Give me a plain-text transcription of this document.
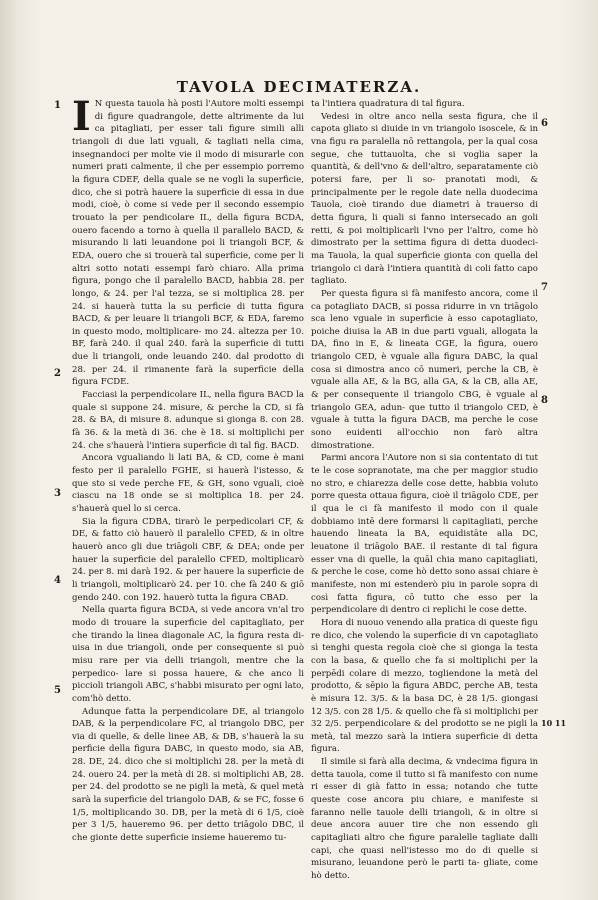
TAVOLA DECIMATERZA.
1
2
3
4
5
6
7
8
10 11

I N questa tauola hà posti l'Autore molti essempi di figure quadrangole, dette altrimente da lui ca pitagliati, per esser tali figure simili alli triangoli di due lati vguali, & tagliati nella cima, insegnandoci per molte vie il modo di misurarle con numeri prati calmente, il che per essempio porremo la figura CDEF, della quale se ne vogli la superficie, dico, che si potrà hauere la superficie di essa in due modi, cioè, ò come si vede per il secondo essempio trouato la per pendicolare IL, della figura BCDA, ouero facendo a torno à quella il parallelo BACD, & misurando li lati leuandone poi li triangoli BCF, & EDA, ouero che si trouerà tal superficie, come per li altri sotto notati essempi farò chiaro. Alla prima figura, pongo che il paralello BACD, habbia 28. per longo, & 24. per l'al tezza, se si moltiplica 28. per 24. si hauerà tutta la su perficie di tutta figura BACD, & per leuare li triangoli BCF, & EDA, faremo in questo modo, moltiplicare- mo 24. altezza per 10. BF, farà 240. il qual 240. farà la superficie di tutti due li triangoli, onde leuando 240. dal prodotto di 28. per 24. il rimanente farà la superficie della figura FCDE.

Facciasi la perpendicolare IL, nella figura BACD la quale si suppone 24. misure, & perche la CD, si fà 28. & BA, di misure 8. adunque si gionga 8. con 28. fà 36. & la metà di 36. che è 18. si moltiplichi per 24. che s'hauerà l'intiera superficie di tal fig. BACD.

Ancora vgualiando li lati BA, & CD, come è mani festo per il paralello FGHE, si hauerà l'istesso, & que sto si vede perche FE, & GH, sono vguali, cioè ciascu na 18 onde se si moltiplica 18. per 24. s'hauerà quel lo si cerca.

Sia la figura CDBA, tirarò le perpedicolari CF, & DE, & fatto ciò hauerò il paralello CFED, & in oltre hauerò anco gli due triāgoli CBF, & DEA; onde per hauer la superficie del paralello CFED, moltiplicarò 24. per 8. mi darà 192. & per hauere la superficie de li triangoli, moltiplicarò 24. per 10. che fà 240 & giō gendo 240. con 192. hauerò tutta la figura CBAD.

Nella quarta figura BCDA, si vede ancora vn'al tro modo di trouare la superficie del capitagliato, per che tirando la linea diagonale AC, la figura resta di- uisa in due triangoli, onde per consequente si può misu rare per via delli triangoli, mentre che la perpedico- lare si possa hauere, & che anco li piccioli triangoli ABC, s'habbi misurato per ogni lato, com'hò detto.

Adunque fatta la perpendicolare DE, al triangolo DAB, & la perpendicolare FC, al triangolo DBC, per via di quelle, & delle linee AB, & DB, s'hauerà la su perficie della figura DABC, in questo modo, sia AB, 28. DE, 24. dico che si moltiplichi 28. per la metà di 24. ouero 24. per la metà di 28. si moltiplichi AB, 28. per 24. del prodotto se ne pigli la metà, & quel metà sarà la superficie del triangolo DAB, & se FC, fosse 6 1/5, moltiplicando 30. DB, per la metà di 6 1/5, cioè per 3 1/5, haueremo 96. per detto triāgolo DBC, il che gionte dette superficie insieme haueremo tu-

ta l'intiera quadratura di tal figura.

Vedesi in oltre anco nella sesta figura, che il capota gliato si diuide in vn triangolo isoscele, & in vna figu ra paralella nō rettangola, per la qual cosa segue, che tuttauolta, che si voglia saper la quantità, & dell'vno & dell'altro, separatamente ciò potersi fare, per li so- pranotati modi, & principalmente per le regole date nella duodecima Tauola, cioè tirando due diametri à trauerso di detta figura, li quali si fanno intersecado an goli retti, & poi moltiplicarli l'vno per l'altro, come hò dimostrato per la settima figura di detta duodeci- ma Tauola, la qual superficie gionta con quella del triangolo ci darà l'intiera quantità di coli fatto capo tagliato.

Per questa figura si fà manifesto ancora, come il ca potagliato DACB, si possa ridurre in vn triāgolo sca leno vguale in superficie à esso capotagliato, poiche diuisa la AB in due parti vguali, allogata la DA, fino in E, & lineata CGE, la figura, ouero triangolo CED, è vguale alla figura DABC, la qual cosa si dimostra anco cō numeri, perche la CB, è vguale alla AE, & la BG, alla GA, & la CB, alla AE, & per consequente il triangolo CBG, è vguale al triangolo GEA, adun- que tutto il triangolo CED, è vguale à tutta la figura DACB, ma perche le cose sono euidenti all'occhio non farò altra dimostratione.

Parmi ancora l'Autore non si sia contentato di tut te le cose sopranotate, ma che per maggior studio no stro, e chiarezza delle cose dette, habbia voluto porre questa ottaua figura, cioè il triāgolo CDE, per il qua le ci fà manifesto il modo con il quale dobbiamo intē dere formarsi li capitagliati, perche hauendo lineata la BA, equidistāte alla DC, leuatone il triāgolo BAE. il restante di tal figura esser vna di quelle, la quāl chia mano capitagliati, & perche le cose, come hò detto sono assai chiare è manifeste, non mi estenderò piu in parole sopra di così fatta figura, cō tutto che esso per la perpendicolare di dentro ci replichi le cose dette.

Hora di nuouo venendo alla pratica di queste figu re dico, che volendo la superficie di vn capotagliato sì tenghi questa regola cioè che si gionga la testa con la basa, & quello che fa si moltiplichi per la perpēdi colare di mezzo, togliendone la metà del prodotto, & sēpio la figura ABDC, perche AB, testa è misura 12. 3/5. & la basa DC, è 28 1/5. giongasi 12 3/5. con 28 1/5. & quello che fà si moltiplichi per 32 2/5. perpendicolare & del prodotto se ne pigli la metà, tal mezzo sarà la intiera superficie di detta figura.

Il simile si farà alla decima, & vndecima figura in detta tauola, come il tutto si fà manifesto con nume ri esser di già fatto in essa; notando che tutte queste cose ancora piu chiare, e manifeste si faranno nelle tauole delli triangoli, & in oltre si deue ancora auuer tire che non essendo gli capitagliati altro che figure paralelle tagliate dalli capi, che quasi nell'istesso mo do di quelle si misurano, leuandone però le parti ta- gliate, come hò detto.
